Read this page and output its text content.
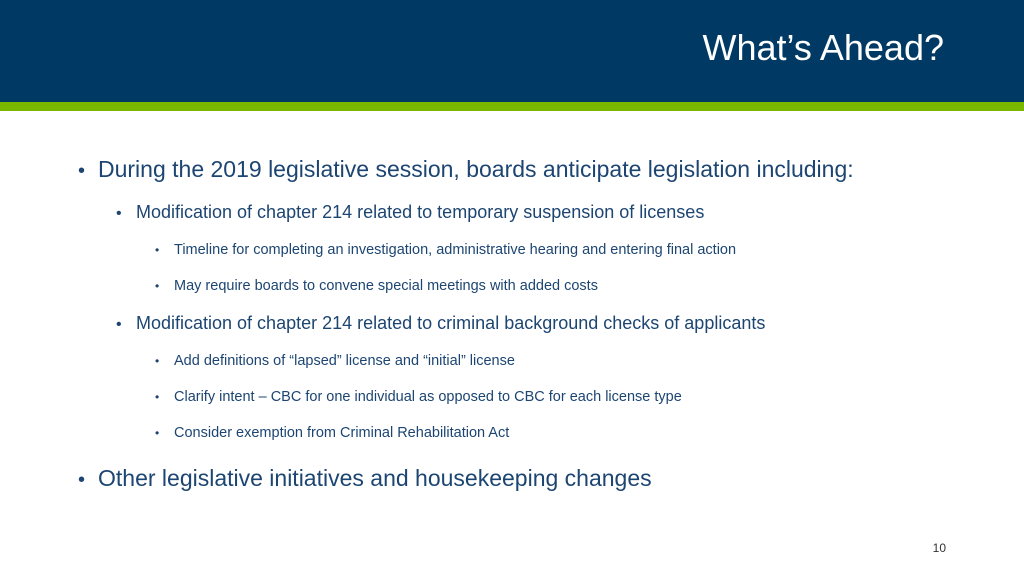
What’s Ahead?
• During the 2019 legislative session, boards anticipate legislation including:
• Modification of chapter 214 related to temporary suspension of licenses
•	Timeline for completing an investigation, administrative hearing and entering final action
•	May require boards to convene special meetings with added costs
• Modification of chapter 214 related to criminal background checks of applicants
•	Add definitions of “lapsed” license and “initial” license
•	Clarify intent – CBC for one individual as opposed to CBC for each license type
•	Consider exemption from Criminal Rehabilitation Act
• Other legislative initiatives and housekeeping changes
10
